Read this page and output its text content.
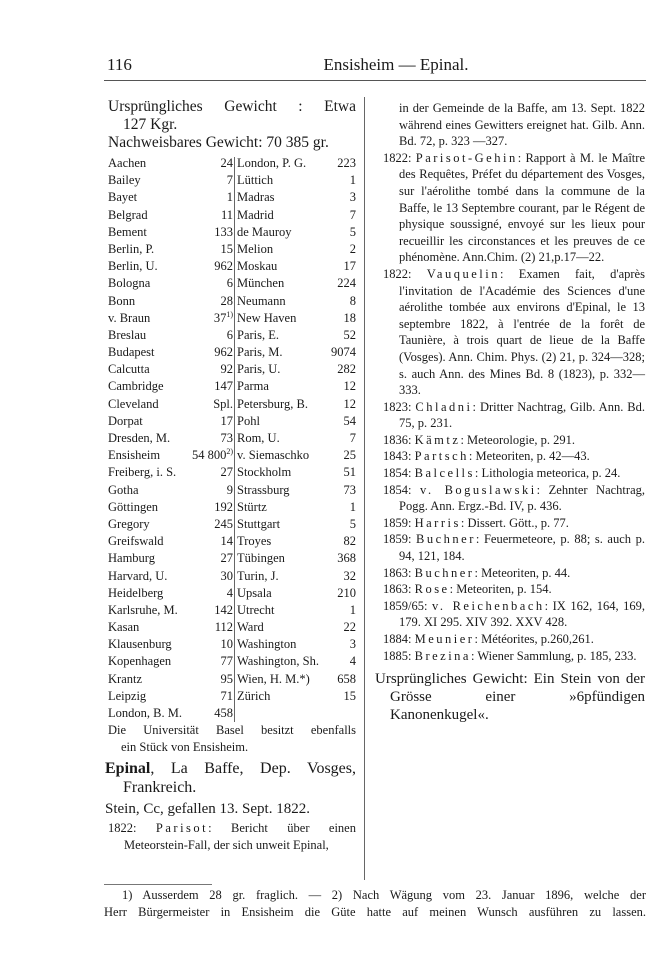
116	Ensisheim — Epinal.
Ursprüngliches Gewicht : Etwa
127 Kgr.
Nachweisbares Gewicht: 70 385 gr.
Aachen	24 London, P. G.	223
Bailey	7 Lüttich	1
Bayet	1 Madras	3
Belgrad	11 Madrid	7
Bement	133 de Mauroy	5
Berlin, P.	15 Melion	2
Berlin, U.	962 Moskau	17
Bologna	6 München	224
Bonn	28 Neumann	8
v. Braun	37$^{1)}$ New Haven	18
Breslau	6 Paris, E.	52
Budapest	962 Paris, M.	9074
Calcutta	92 Paris, U.	282
Cambridge	147 Parma	12
Cleveland	Spl. Petersburg, B.	12
Dorpat	17 Pohl	54
Dresden, M.	73 Rom, U.	7
Ensisheim	54 800$^{2)}$ v. Siemaschko	25
Freiberg, i. S.	27 Stockholm	51
Gotha	9 Strassburg	73
Göttingen	192 Stürtz	1
Gregory	245 Stuttgart	5
Greifswald	14 Troyes	82
Hamburg	27 Tübingen	368
Harvard, U.	30 Turin, J.	32
Heidelberg	4 Upsala	210
Karlsruhe, M.	142 Utrecht	1
Kasan	112 Ward	22
Klausenburg	10 Washington	3
Kopenhagen	77 Washington, Sh.	4
Krantz	95 Wien, H. M.*)	658
Leipzig	71 Zürich	15
London, B. M.	458
Die Universität Basel besitzt ebenfalls
ein Stück von Ensisheim.
Epinal, La Baffe, Dep. Vosges,
Frankreich.
Stein, Cc, gefallen 13. Sept. 1822.
1822: Parisot: Bericht über einen
Meteorstein-Fall, der sich unweit Epinal,
in der Gemeinde de la Baffe, am 13. Sept. 1822 während eines Gewitters ereignet hat. Gilb. Ann. Bd. 72, p. 323 —327.
1822: Parisot-Gehin: Rapport à M. le Maître des Requêtes, Préfet du département des Vosges, sur l'aérolithe tombé dans la commune de la Baffe, le 13 Septembre courant, par le Régent de physique soussigné, envoyé sur les lieux pour recueillir les circonstances et les preuves de ce phénomène. Ann.Chim. (2) 21,p.17—22.
1822: Vauquelin: Examen fait, d'après l'invitation de l'Académie des Sciences d'une aérolithe tombée aux environs d'Epinal, le 13 septembre 1822, à l'entrée de la forêt de Taunière, à trois quart de lieue de la Baffe (Vosges). Ann. Chim. Phys. (2) 21, p. 324—328; s. auch Ann. des Mines Bd. 8 (1823), p. 332—333.
1823: Chladni: Dritter Nachtrag, Gilb. Ann. Bd. 75, p. 231.
1836: Kämtz: Meteorologie, p. 291.
1843: Partsch: Meteoriten, p. 42—43.
1854: Balcells: Lithologia meteorica, p. 24.
1854: v. Boguslawski: Zehnter Nachtrag, Pogg. Ann. Ergz.-Bd. IV, p. 436.
1859: Harris: Dissert. Gött., p. 77.
1859: Buchner: Feuermeteore, p. 88; s. auch p. 94, 121, 184.
1863: Buchner: Meteoriten, p. 44.
1863: Rose: Meteoriten, p. 154.
1859/65: v. Reichenbach: IX 162, 164, 169, 179. XI 295. XIV 392. XXV 428.
1884: Meunier: Météorites, p.260,261.
1885: Brezina: Wiener Sammlung, p. 185, 233.
Ursprüngliches Gewicht: Ein Stein von der Grösse einer »6pfündigen Kanonenkugel«.
1) Ausserdem 28 gr. fraglich. — 2) Nach Wägung vom 23. Januar 1896, welche der
Herr Bürgermeister in Ensisheim die Güte hatte auf meinen Wunsch ausführen zu lassen.
